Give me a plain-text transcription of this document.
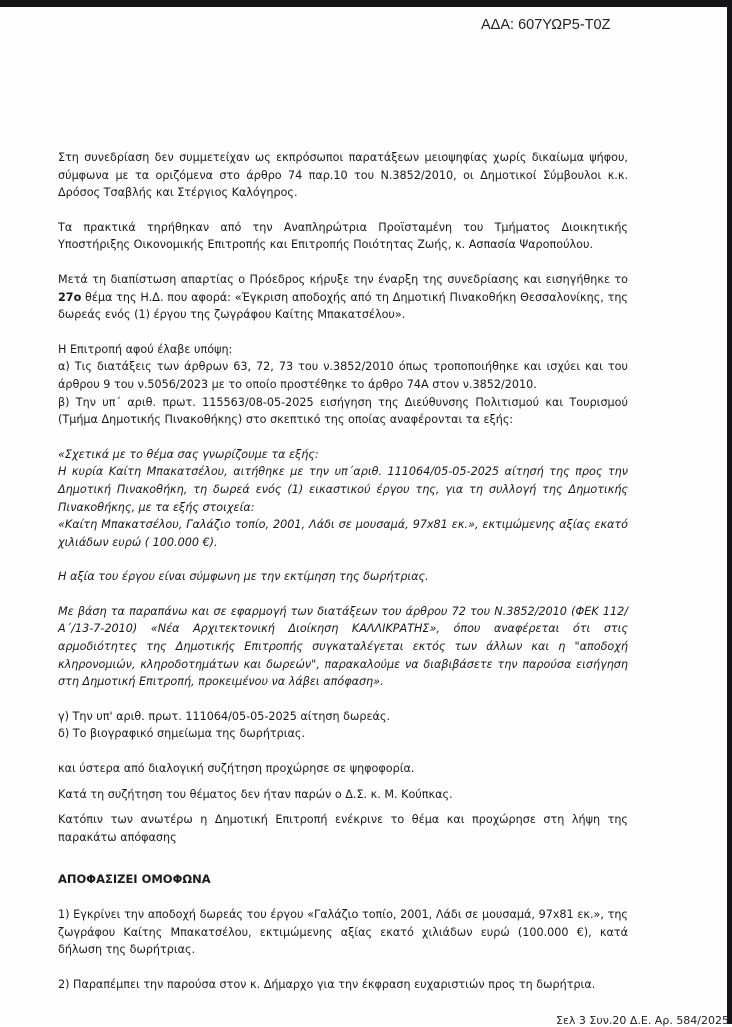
ΑΔΑ: 607ΥΩΡ5-Τ0Ζ

Στη συνεδρίαση δεν συμμετείχαν ως εκπρόσωποι παρατάξεων μειοψηφίας χωρίς δικαίωμα ψήφου, σύμφωνα με τα οριζόμενα στο άρθρο 74 παρ.10 του Ν.3852/2010, οι Δημοτικοί Σύμβουλοι κ.κ. Δρόσος Τσαβλής και Στέργιος Καλόγηρος.

Τα πρακτικά τηρήθηκαν από την Αναπληρώτρια Προϊσταμένη του Τμήματος Διοικητικής Υποστήριξης Οικονομικής Επιτροπής και Επιτροπής Ποιότητας Ζωής, κ. Ασπασία Ψαροπούλου.

Μετά τη διαπίστωση απαρτίας ο Πρόεδρος κήρυξε την έναρξη της συνεδρίασης και εισηγήθηκε το 27ο θέμα της Η.Δ. που αφορά: «Έγκριση αποδοχής από τη Δημοτική Πινακοθήκη Θεσσαλονίκης, της δωρεάς ενός (1) έργου της ζωγράφου Καίτης Μπακατσέλου».

Η Επιτροπή αφού έλαβε υπόψη:

α) Τις διατάξεις των άρθρων 63, 72, 73 του ν.3852/2010 όπως τροποποιήθηκε και ισχύει και του άρθρου 9 του ν.5056/2023 με το οποίο προστέθηκε το άρθρο 74Α στον ν.3852/2010.

β) Την υπ΄ αριθ. πρωτ. 115563/08-05-2025 εισήγηση της Διεύθυνσης Πολιτισμού και Τουρισμού (Τμήμα Δημοτικής Πινακοθήκης) στο σκεπτικό της οποίας αναφέρονται τα εξής:

«Σχετικά με το θέμα σας γνωρίζουμε τα εξής:

Η κυρία Καίτη Μπακατσέλου, αιτήθηκε με την υπ΄αριθ. 111064/05-05-2025 αίτησή της προς την Δημοτική Πινακοθήκη, τη δωρεά ενός (1) εικαστικού έργου της, για τη συλλογή της Δημοτικής Πινακοθήκης, με τα εξής στοιχεία:

«Καίτη Μπακατσέλου, Γαλάζιο τοπίο, 2001, Λάδι σε μουσαμά, 97x81 εκ.», εκτιμώμενης αξίας εκατό χιλιάδων ευρώ ( 100.000 €).

Η αξία του έργου είναι σύμφωνη με την εκτίμηση της δωρήτριας.

Με βάση τα παραπάνω και σε εφαρμογή των διατάξεων του άρθρου 72 του Ν.3852/2010 (ΦΕΚ 112/Α΄/13-7-2010) «Νέα Αρχιτεκτονική Διοίκηση ΚΑΛΛΙΚΡΑΤΗΣ», όπου αναφέρεται ότι στις αρμοδιότητες της Δημοτικής Επιτροπής συγκαταλέγεται εκτός των άλλων και η "αποδοχή κληρονομιών, κληροδοτημάτων και δωρεών", παρακαλούμε να διαβιβάσετε την παρούσα εισήγηση στη Δημοτική Επιτροπή, προκειμένου να λάβει απόφαση».

γ) Την υπ' αριθ. πρωτ. 111064/05-05-2025 αίτηση δωρεάς.

δ) Το βιογραφικό σημείωμα της δωρήτριας.

και ύστερα από διαλογική συζήτηση προχώρησε σε ψηφοφορία.

Κατά τη συζήτηση του θέματος δεν ήταν παρών ο Δ.Σ. κ. Μ. Κούπκας.

Κατόπιν των ανωτέρω η Δημοτική Επιτροπή ενέκρινε το θέμα και προχώρησε στη λήψη της παρακάτω απόφασης

ΑΠΟΦΑΣΙΖΕΙ ΟΜΟΦΩΝΑ

1) Εγκρίνει την αποδοχή δωρεάς του έργου «Γαλάζιο τοπίο, 2001, Λάδι σε μουσαμά, 97x81 εκ.», της ζωγράφου Καίτης Μπακατσέλου, εκτιμώμενης αξίας εκατό χιλιάδων ευρώ (100.000 €), κατά δήλωση της δωρήτριας.

2) Παραπέμπει την παρούσα στον κ. Δήμαρχο για την έκφραση ευχαριστιών προς τη δωρήτρια.

Σελ 3 Συν.20 Δ.Ε. Αρ. 584/2025
